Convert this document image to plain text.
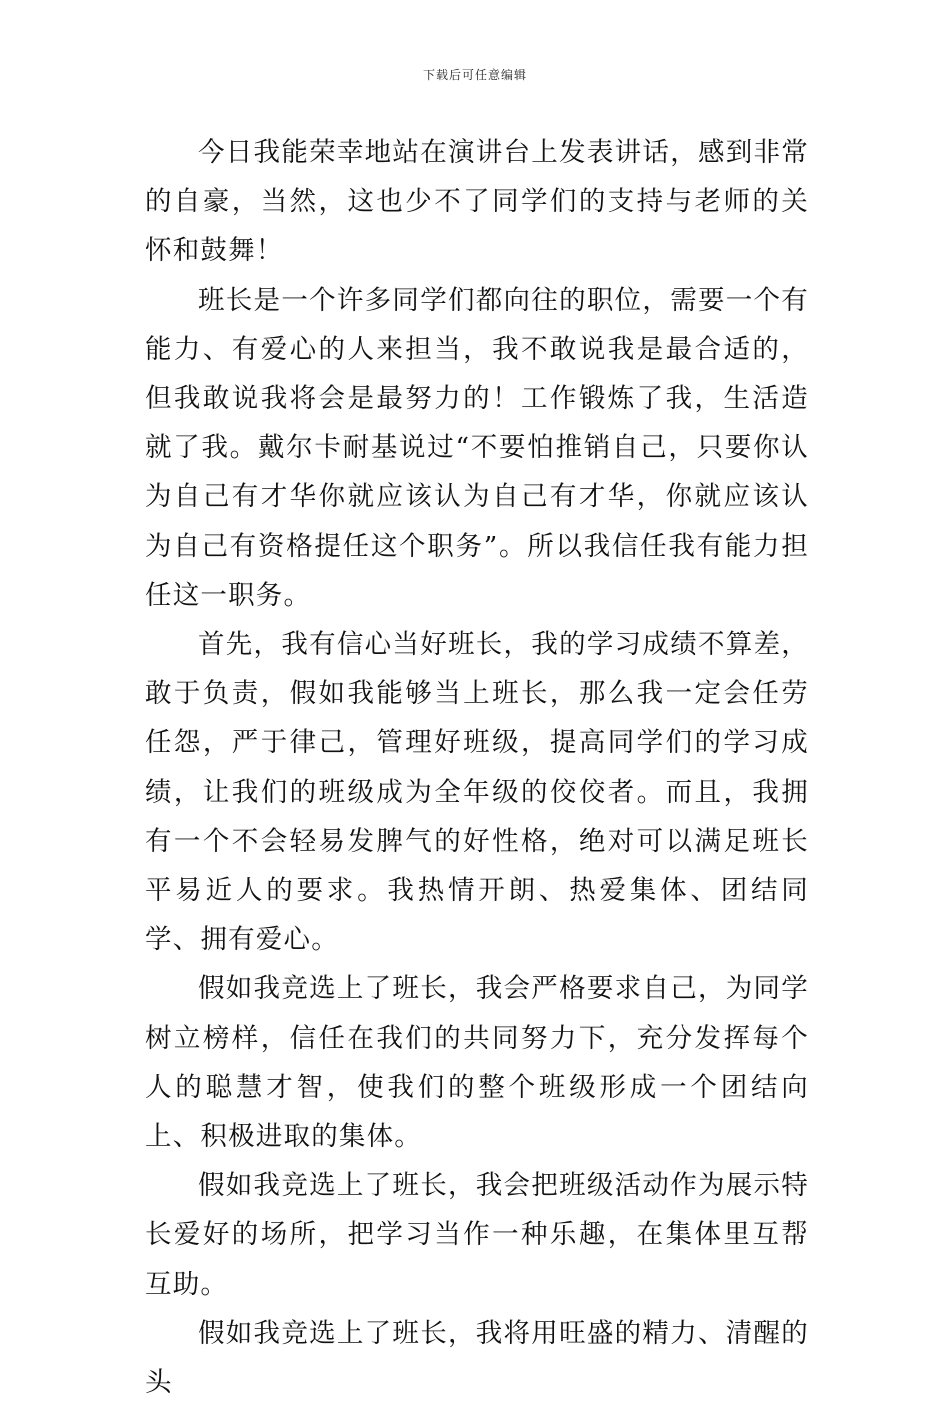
下载后可任意编辑

今日我能荣幸地站在演讲台上发表讲话，感到非常的自豪，当然，这也少不了同学们的支持与老师的关怀和鼓舞！

班长是一个许多同学们都向往的职位，需要一个有能力、有爱心的人来担当，我不敢说我是最合适的，但我敢说我将会是最努力的！工作锻炼了我，生活造就了我。戴尔卡耐基说过“不要怕推销自己，只要你认为自己有才华你就应该认为自己有才华，你就应该认为自己有资格提任这个职务”。所以我信任我有能力担任这一职务。

首先，我有信心当好班长，我的学习成绩不算差，敢于负责，假如我能够当上班长，那么我一定会任劳任怨，严于律己，管理好班级，提高同学们的学习成绩，让我们的班级成为全年级的佼佼者。而且，我拥有一个不会轻易发脾气的好性格，绝对可以满足班长平易近人的要求。我热情开朗、热爱集体、团结同学、拥有爱心。

假如我竞选上了班长，我会严格要求自己，为同学树立榜样，信任在我们的共同努力下，充分发挥每个人的聪慧才智，使我们的整个班级形成一个团结向上、积极进取的集体。

假如我竞选上了班长，我会把班级活动作为展示特长爱好的场所，把学习当作一种乐趣，在集体里互帮互助。

假如我竞选上了班长，我将用旺盛的精力、清醒的头
